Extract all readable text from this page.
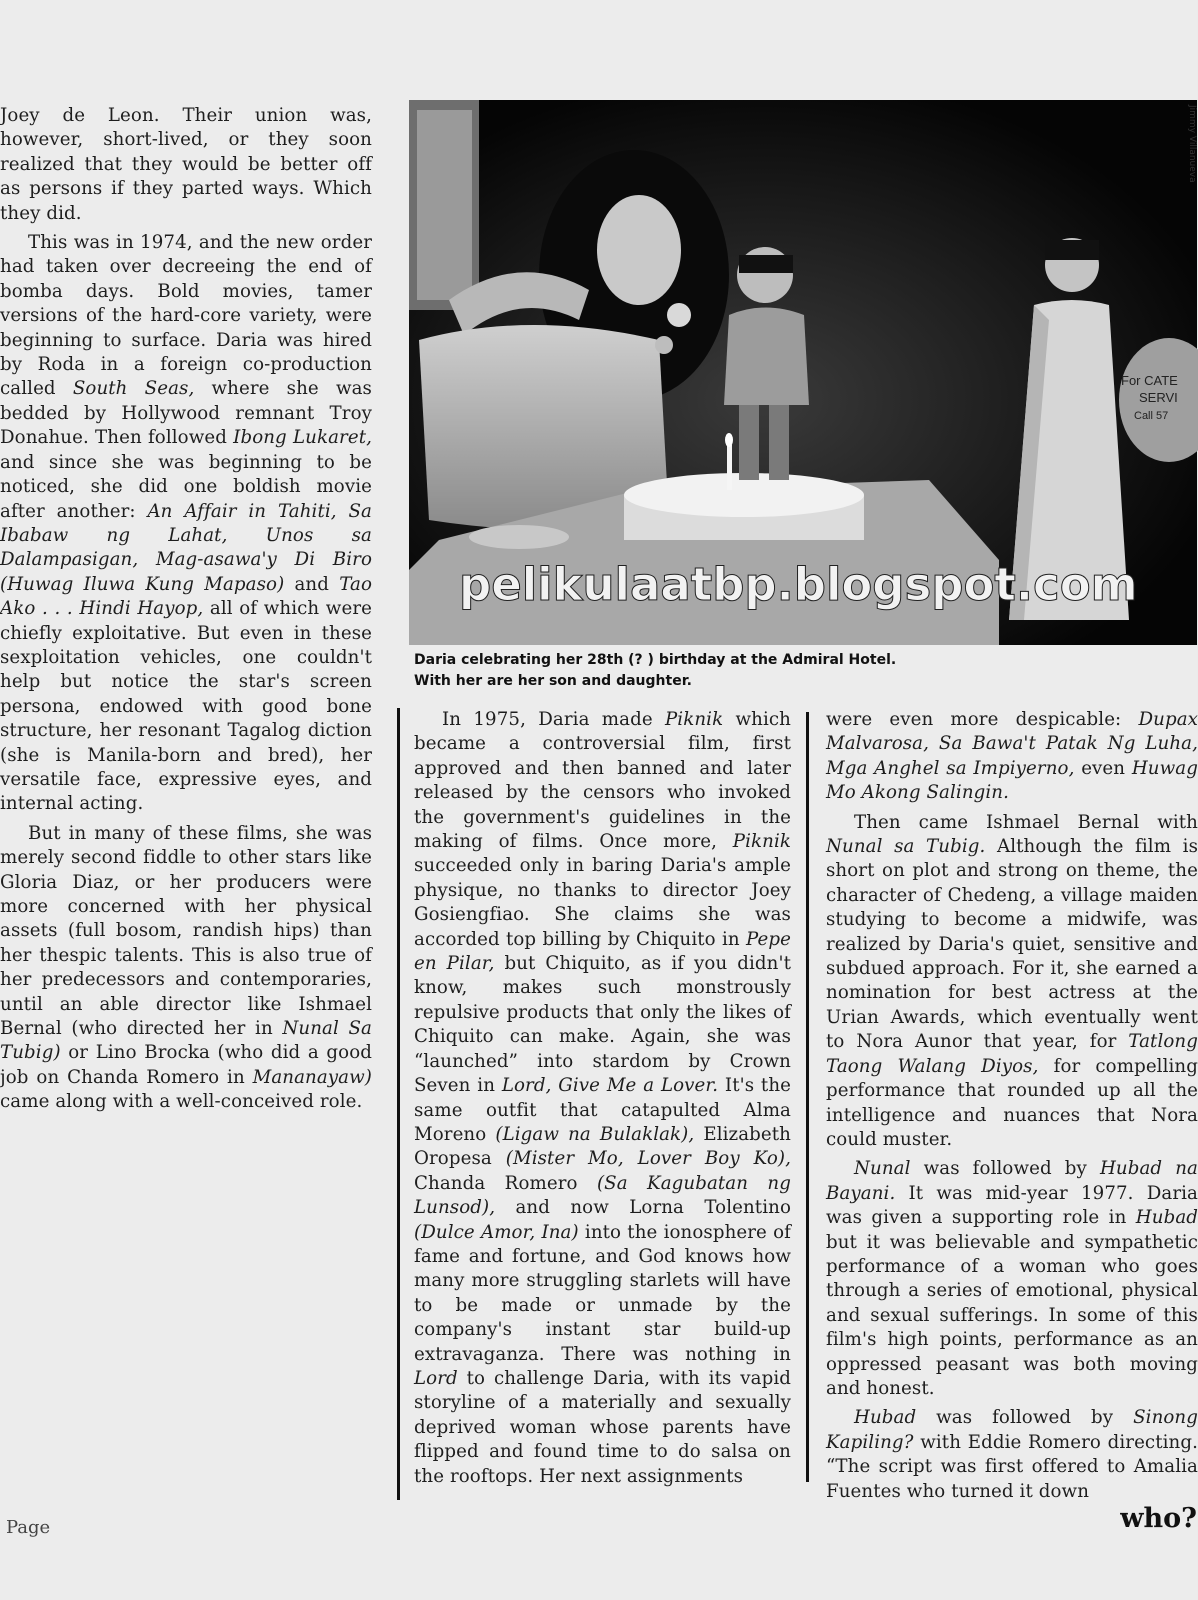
For CATE
SERVI
Call 57
pelikulaatbp.blogspot.com
Jimmy Villanueva
Daria celebrating her 28th (? ) birthday at the Admiral Hotel.
With her are her son and daughter.

Joey de Leon. Their union was, however, short-lived, or they soon realized that they would be better off as persons if they parted ways. Which they did.

This was in 1974, and the new order had taken over decreeing the end of bomba days. Bold movies, tamer versions of the hard-core variety, were beginning to surface. Daria was hired by Roda in a foreign co-production called South Seas, where she was bedded by Hollywood remnant Troy Donahue. Then followed Ibong Lukaret, and since she was beginning to be noticed, she did one boldish movie after another: An Affair in Tahiti, Sa Ibabaw ng Lahat, Unos sa Dalampasigan, Mag-asawa'y Di Biro (Huwag Iluwa Kung Mapaso) and Tao Ako . . . Hindi Hayop, all of which were chiefly exploitative. But even in these sexploitation vehicles, one couldn't help but notice the star's screen persona, endowed with good bone structure, her resonant Tagalog diction (she is Manila-born and bred), her versatile face, expressive eyes, and internal acting.

But in many of these films, she was merely second fiddle to other stars like Gloria Diaz, or her producers were more concerned with her physical assets (full bosom, randish hips) than her thespic talents. This is also true of her predecessors and contemporaries, until an able director like Ishmael Bernal (who directed her in Nunal Sa Tubig) or Lino Brocka (who did a good job on Chanda Romero in Mananayaw) came along with a well-conceived role.

In 1975, Daria made Piknik which became a controversial film, first approved and then banned and later released by the censors who invoked the government's guidelines in the making of films. Once more, Piknik succeeded only in baring Daria's ample physique, no thanks to director Joey Gosiengfiao. She claims she was accorded top billing by Chiquito in Pepe en Pilar, but Chiquito, as if you didn't know, makes such monstrously repulsive products that only the likes of Chiquito can make. Again, she was “launched” into stardom by Crown Seven in Lord, Give Me a Lover. It's the same outfit that catapulted Alma Moreno (Ligaw na Bulaklak), Elizabeth Oropesa (Mister Mo, Lover Boy Ko), Chanda Romero (Sa Kagubatan ng Lunsod), and now Lorna Tolentino (Dulce Amor, Ina) into the ionosphere of fame and fortune, and God knows how many more struggling starlets will have to be made or unmade by the company's instant star build-up extravaganza. There was nothing in Lord to challenge Daria, with its vapid storyline of a materially and sexually deprived woman whose parents have flipped and found time to do salsa on the rooftops. Her next assignments

were even more despicable: Dupax Malvarosa, Sa Bawa't Patak Ng Luha, Mga Anghel sa Impiyerno, even Huwag Mo Akong Salingin.

Then came Ishmael Bernal with Nunal sa Tubig. Although the film is short on plot and strong on theme, the character of Chedeng, a village maiden studying to become a midwife, was realized by Daria's quiet, sensitive and subdued approach. For it, she earned a nomination for best actress at the Urian Awards, which eventually went to Nora Aunor that year, for Tatlong Taong Walang Diyos, for compelling performance that rounded up all the intelligence and nuances that Nora could muster.

Nunal was followed by Hubad na Bayani. It was mid-year 1977. Daria was given a supporting role in Hubad but it was believable and sympathetic performance of a woman who goes through a series of emotional, physical and sexual sufferings. In some of this film's high points, performance as an oppressed peasant was both moving and honest.

Hubad was followed by Sinong Kapiling? with Eddie Romero directing. “The script was first offered to Amalia Fuentes who turned it down

Page	who?
